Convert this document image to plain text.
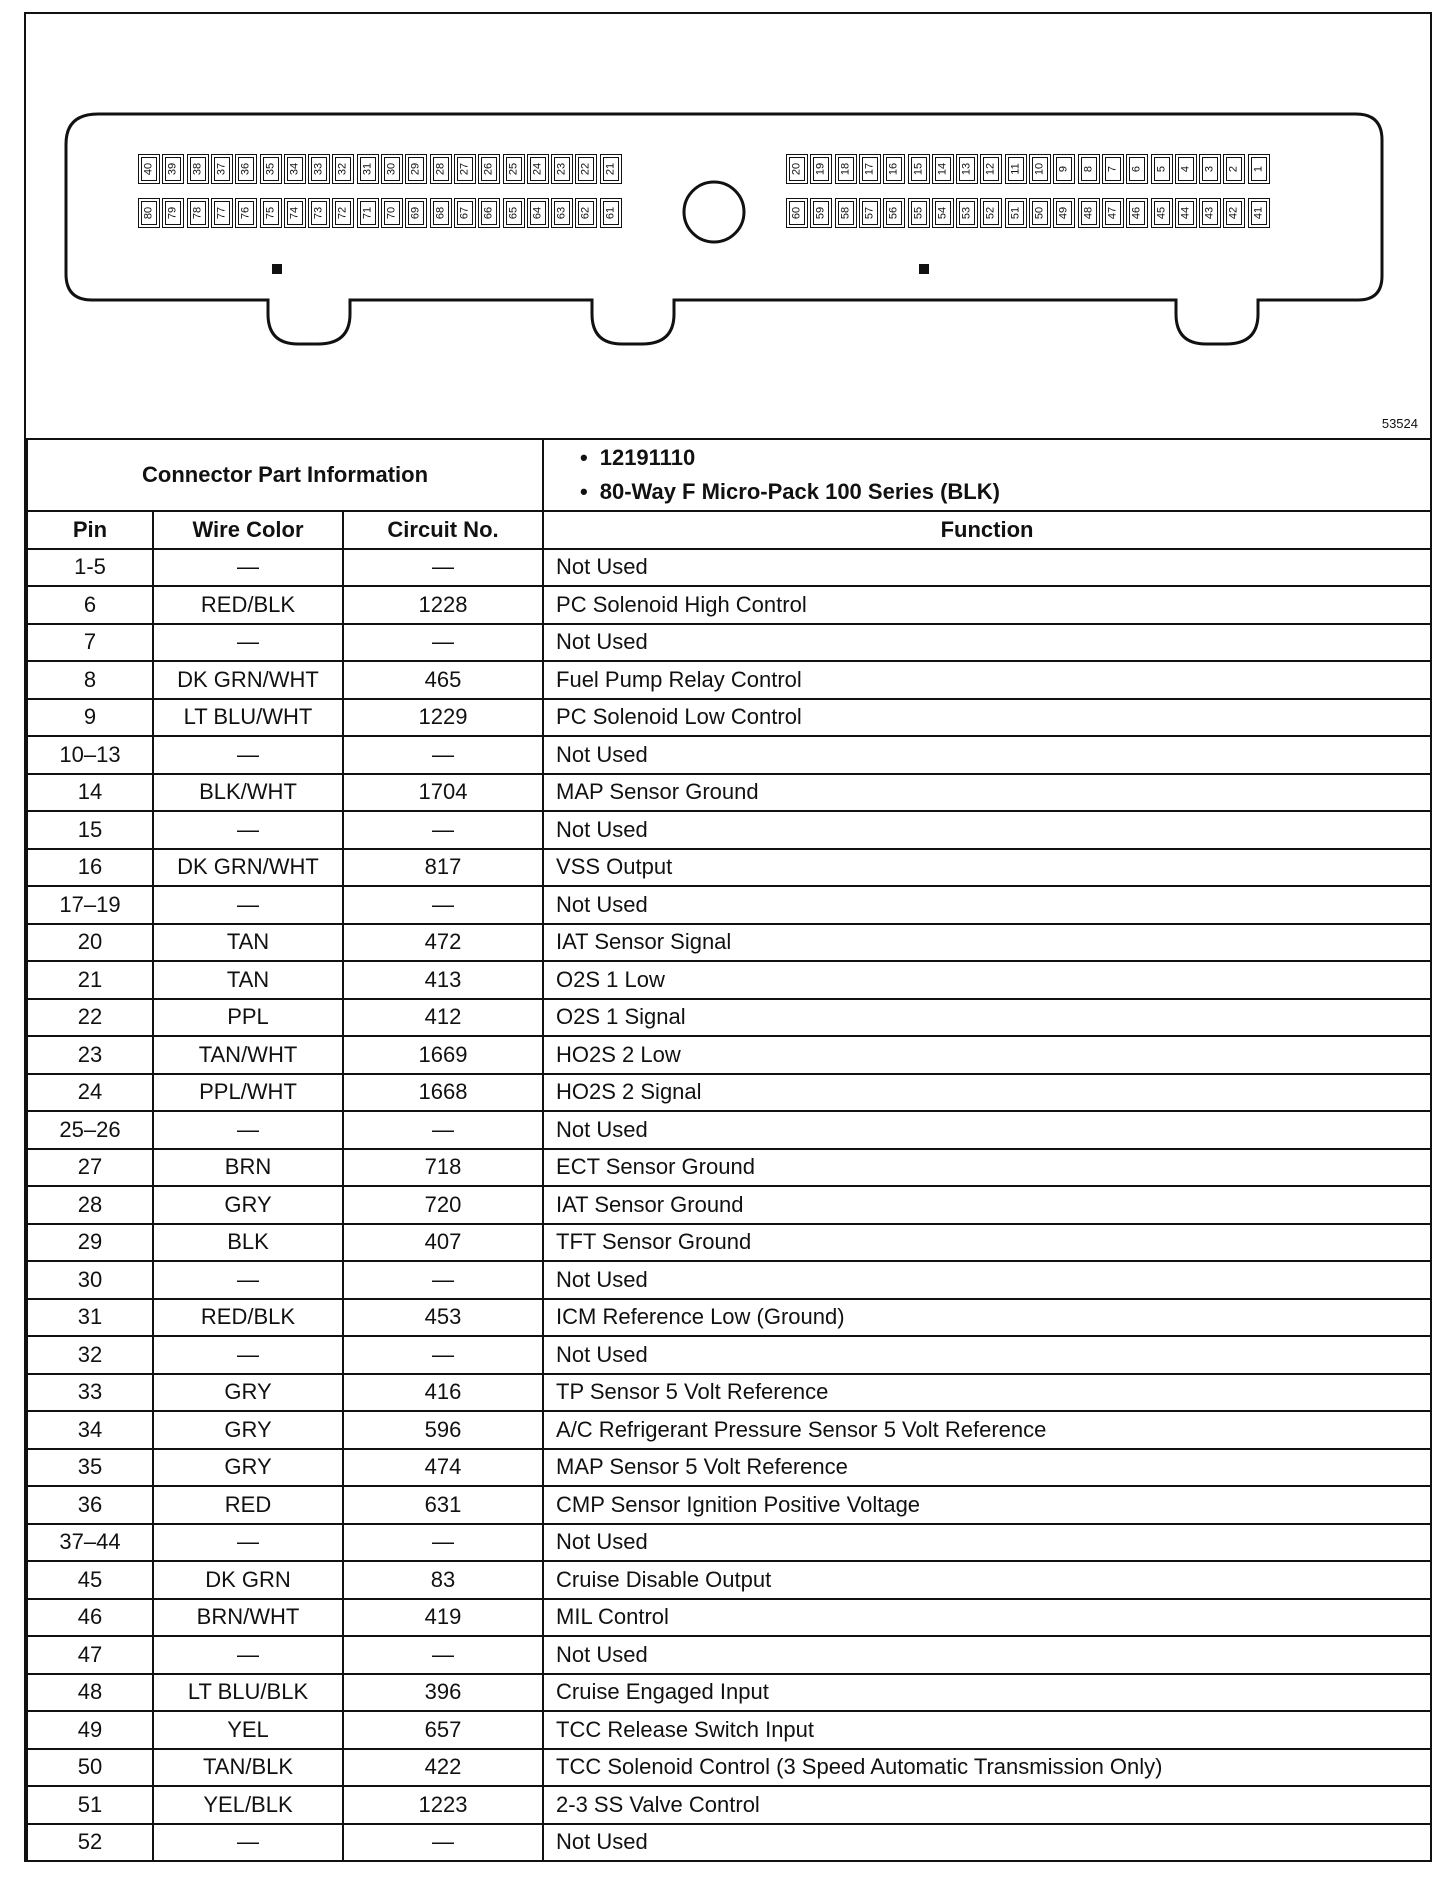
40 39 38 37 36 35 34 33 32 31 30 29 28 27 26 25 24 23 22 21
80 79 78 77 76 75 74 73 72 71 70 69 68 67 66 65 64 63 62 61
20 19 18 17 16 15 14 13 12 11 10 9 8 7 6 5 4 3 2 1
60 59 58 57 56 55 54 53 52 51 50 49 48 47 46 45 44 43 42 41
53524
Connector Part Information			• 12191110
• 80-Way F Micro-Pack 100 Series (BLK)

Pin	Wire Color	Circuit No.	Function
1-5	—	—	Not Used
6	RED/BLK	1228	PC Solenoid High Control
7	—	—	Not Used
8	DK GRN/WHT	465	Fuel Pump Relay Control
9	LT BLU/WHT	1229	PC Solenoid Low Control
10–13	—	—	Not Used
14	BLK/WHT	1704	MAP Sensor Ground
15	—	—	Not Used
16	DK GRN/WHT	817	VSS Output
17–19	—	—	Not Used
20	TAN	472	IAT Sensor Signal
21	TAN	413	O2S 1 Low
22	PPL	412	O2S 1 Signal
23	TAN/WHT	1669	HO2S 2 Low
24	PPL/WHT	1668	HO2S 2 Signal
25–26	—	—	Not Used
27	BRN	718	ECT Sensor Ground
28	GRY	720	IAT Sensor Ground
29	BLK	407	TFT Sensor Ground
30	—	—	Not Used
31	RED/BLK	453	ICM Reference Low (Ground)
32	—	—	Not Used
33	GRY	416	TP Sensor 5 Volt Reference
34	GRY	596	A/C Refrigerant Pressure Sensor 5 Volt Reference
35	GRY	474	MAP Sensor 5 Volt Reference
36	RED	631	CMP Sensor Ignition Positive Voltage
37–44	—	—	Not Used
45	DK GRN	83	Cruise Disable Output
46	BRN/WHT	419	MIL Control
47	—	—	Not Used
48	LT BLU/BLK	396	Cruise Engaged Input
49	YEL	657	TCC Release Switch Input
50	TAN/BLK	422	TCC Solenoid Control (3 Speed Automatic Transmission Only)
51	YEL/BLK	1223	2-3 SS Valve Control
52	—	—	Not Used
